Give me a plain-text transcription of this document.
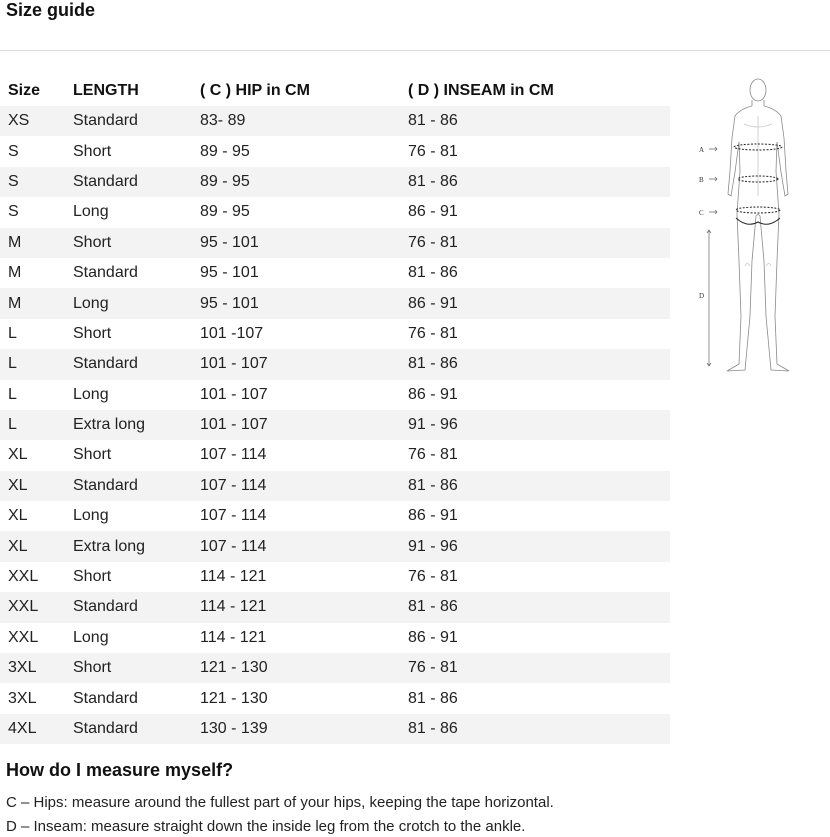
Size guide
Size	LENGTH	( C ) HIP in CM	( D ) INSEAM in CM
XS	Standard	83- 89	81 - 86
S	Short	89 - 95	76 - 81
S	Standard	89 - 95	81 - 86
S	Long	89 - 95	86 - 91
M	Short	95 - 101	76 - 81
M	Standard	95 - 101	81 - 86
M	Long	95 - 101	86 - 91
L	Short	101 -107	76 - 81
L	Standard	101 - 107	81 - 86
L	Long	101 - 107	86 - 91
L	Extra long	101 - 107	91 - 96
XL	Short	107 - 114	76 - 81
XL	Standard	107 - 114	81 - 86
XL	Long	107 - 114	86 - 91
XL	Extra long	107 - 114	91 - 96
XXL	Short	114 - 121	76 - 81
XXL	Standard	114 - 121	81 - 86
XXL	Long	114 - 121	86 - 91
3XL	Short	121 - 130	76 - 81
3XL	Standard	121 - 130	81 - 86
4XL	Standard	130 - 139	81 - 86
A
B
C
D
How do I measure myself?

C – Hips: measure around the fullest part of your hips, keeping the tape horizontal.

D – Inseam: measure straight down the inside leg from the crotch to the ankle.
